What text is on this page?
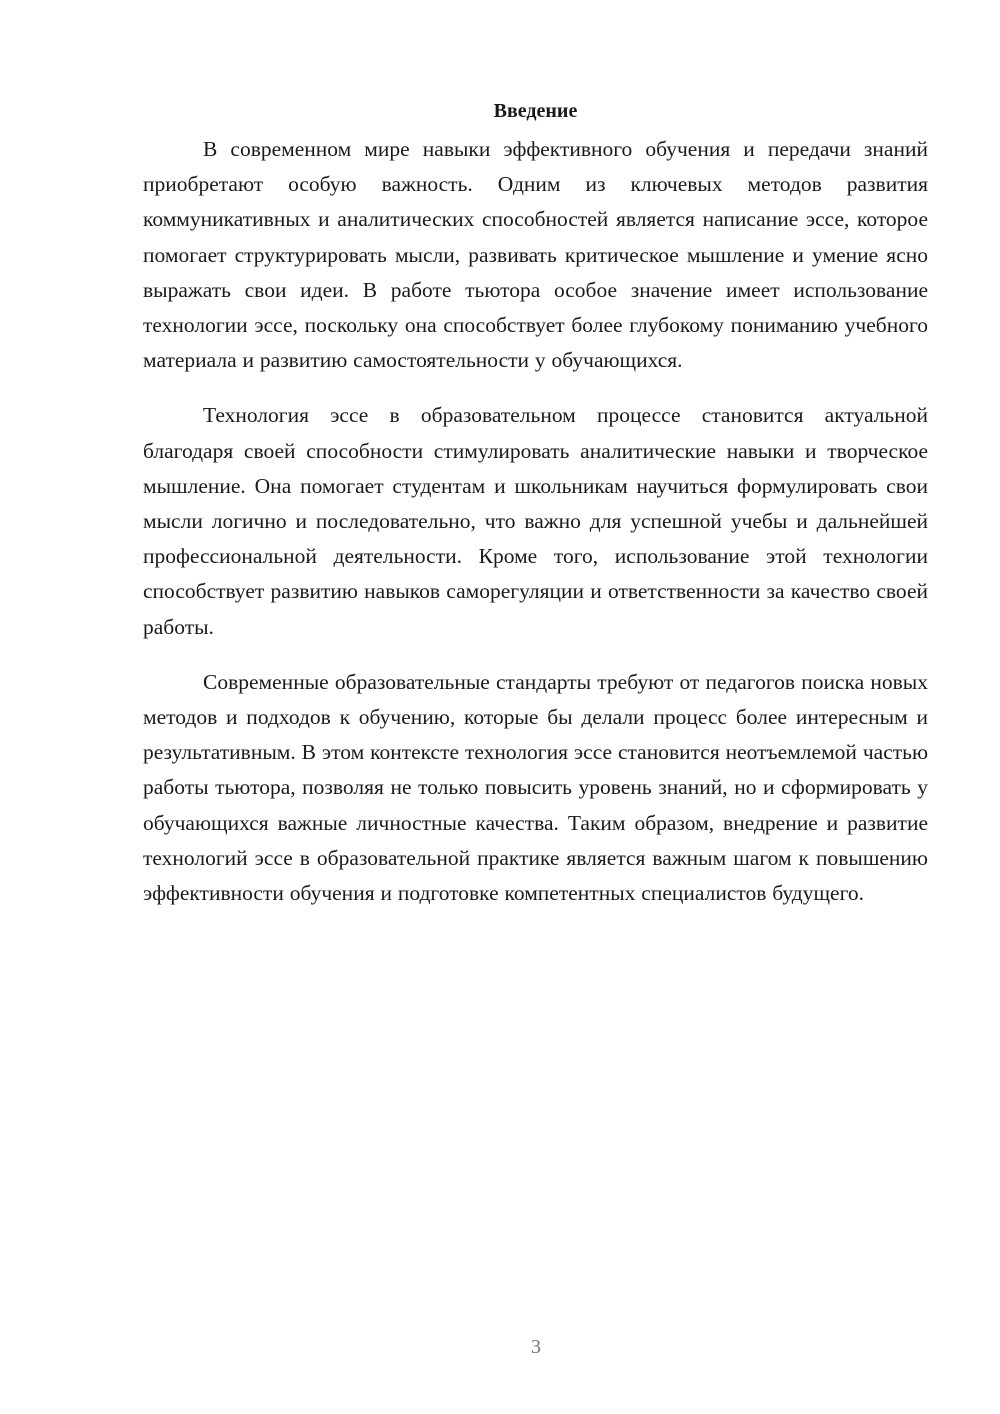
Введение

В современном мире навыки эффективного обучения и передачи знаний приобретают особую важность. Одним из ключевых методов развития коммуникативных и аналитических способностей является написание эссе, которое помогает структурировать мысли, развивать критическое мышление и умение ясно выражать свои идеи. В работе тьютора особое значение имеет использование технологии эссе, поскольку она способствует более глубокому пониманию учебного материала и развитию самостоятельности у обучающихся.

Технология эссе в образовательном процессе становится актуальной благодаря своей способности стимулировать аналитические навыки и творческое мышление. Она помогает студентам и школьникам научиться формулировать свои мысли логично и последовательно, что важно для успешной учебы и дальнейшей профессиональной деятельности. Кроме того, использование этой технологии способствует развитию навыков саморегуляции и ответственности за качество своей работы.

Современные образовательные стандарты требуют от педагогов поиска новых методов и подходов к обучению, которые бы делали процесс более интересным и результативным. В этом контексте технология эссе становится неотъемлемой частью работы тьютора, позволяя не только повысить уровень знаний, но и сформировать у обучающихся важные личностные качества. Таким образом, внедрение и развитие технологий эссе в образовательной практике является важным шагом к повышению эффективности обучения и подготовке компетентных специалистов будущего.

3
